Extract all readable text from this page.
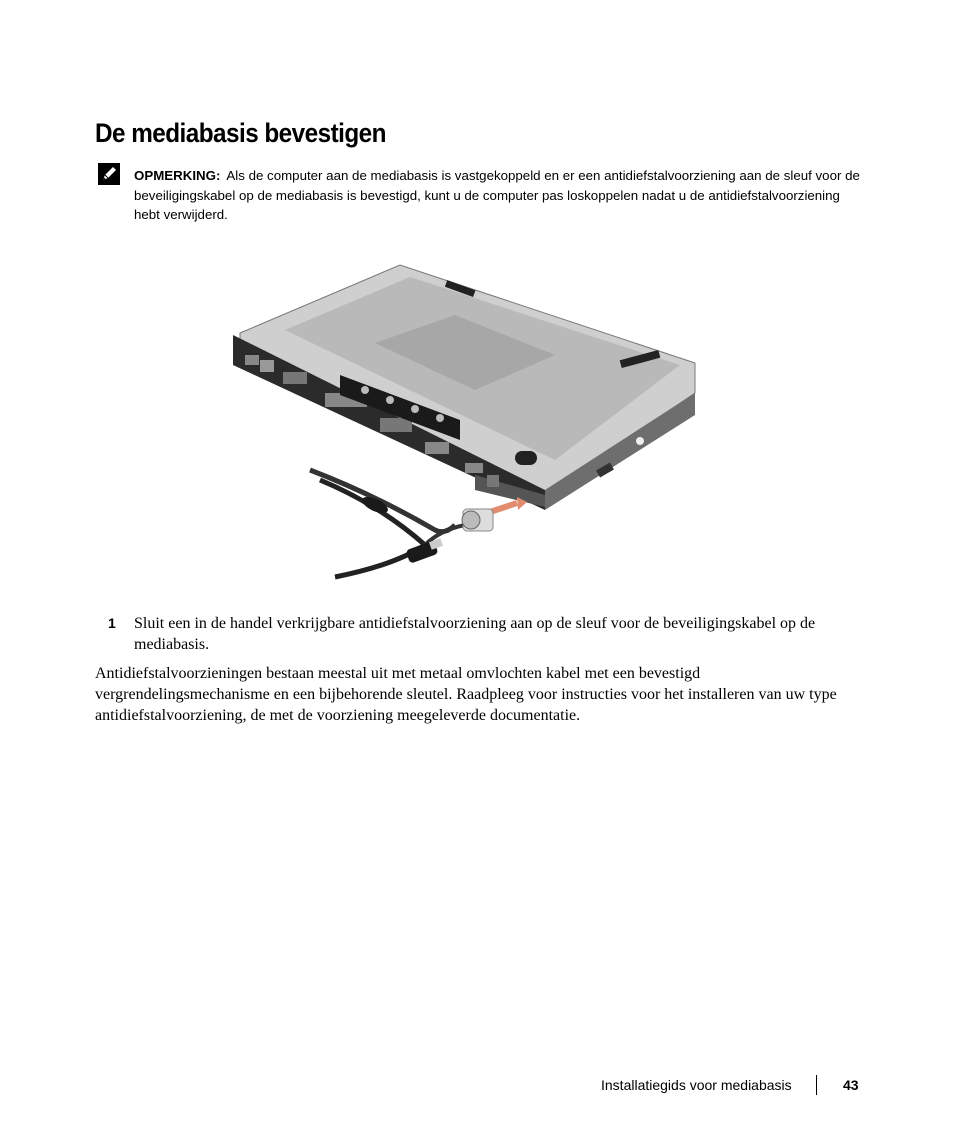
De mediabasis bevestigen
OPMERKING: Als de computer aan de mediabasis is vastgekoppeld en er een antidiefstalvoorziening aan de sleuf voor de beveiligingskabel op de mediabasis is bevestigd, kunt u de computer pas loskoppelen nadat u de antidiefstalvoorziening hebt verwijderd.
1 Sluit een in de handel verkrijgbare antidiefstalvoorziening aan op de sleuf voor de beveiligingskabel op de mediabasis.

Antidiefstalvoorzieningen bestaan meestal uit met metaal omvlochten kabel met een bevestigd vergrendelingsmechanisme en een bijbehorende sleutel. Raadpleeg voor instructies voor het installeren van uw type antidiefstalvoorziening, de met de voorziening meegeleverde documentatie.

Installatiegids voor mediabasis	43
